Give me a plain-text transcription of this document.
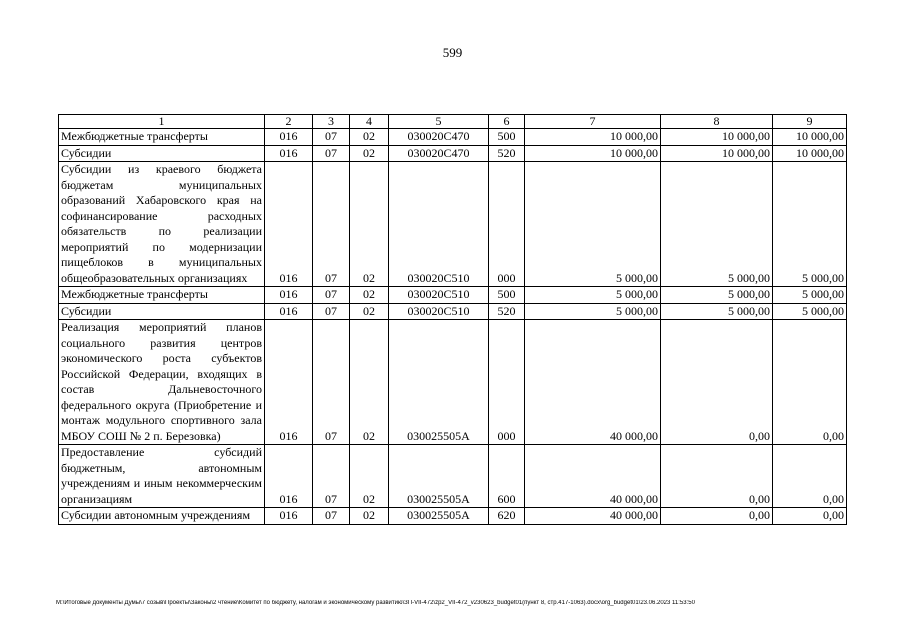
599
1	2	3	4	5	6	7	8	9
Межбюджетные трансферты	016	07	02	030020C470	500	10 000,00	10 000,00	10 000,00
Субсидии	016	07	02	030020C470	520	10 000,00	10 000,00	10 000,00
Субсидии из краевого бюджета бюджетам муниципальных образований Хабаровского края на софинансирование расходных обязательств по реализации мероприятий по модернизации пищеблоков в муниципальных общеобразовательных организациях	016	07	02	030020C510	000	5 000,00	5 000,00	5 000,00
Межбюджетные трансферты	016	07	02	030020C510	500	5 000,00	5 000,00	5 000,00
Субсидии	016	07	02	030020C510	520	5 000,00	5 000,00	5 000,00
Реализация мероприятий планов социального развития центров экономического роста субъектов Российской Федерации, входящих в состав Дальневосточного федерального округа (Приобретение и монтаж модульного спортивного зала МБОУ СОШ № 2 п. Березовка)	016	07	02	030025505А	000	40 000,00	0,00	0,00
Предоставление субсидий бюджетным, автономным учреждениям и иным некоммерческим организациям	016	07	02	030025505А	600	40 000,00	0,00	0,00
Субсидии автономным учреждениям	016	07	02	030025505А	620	40 000,00	0,00	0,00
M:\Итоговые документы Думы\7 созыв\Проекты\Законы\2 чтение\Комитет по бюджету, налогам и экономическому развитию\ЗП-VII-472\zp2_VII-472_v230623_budget01(пункт 8, стр.417-1063).docx\org_budget01\23.06.2023 11:53:50
